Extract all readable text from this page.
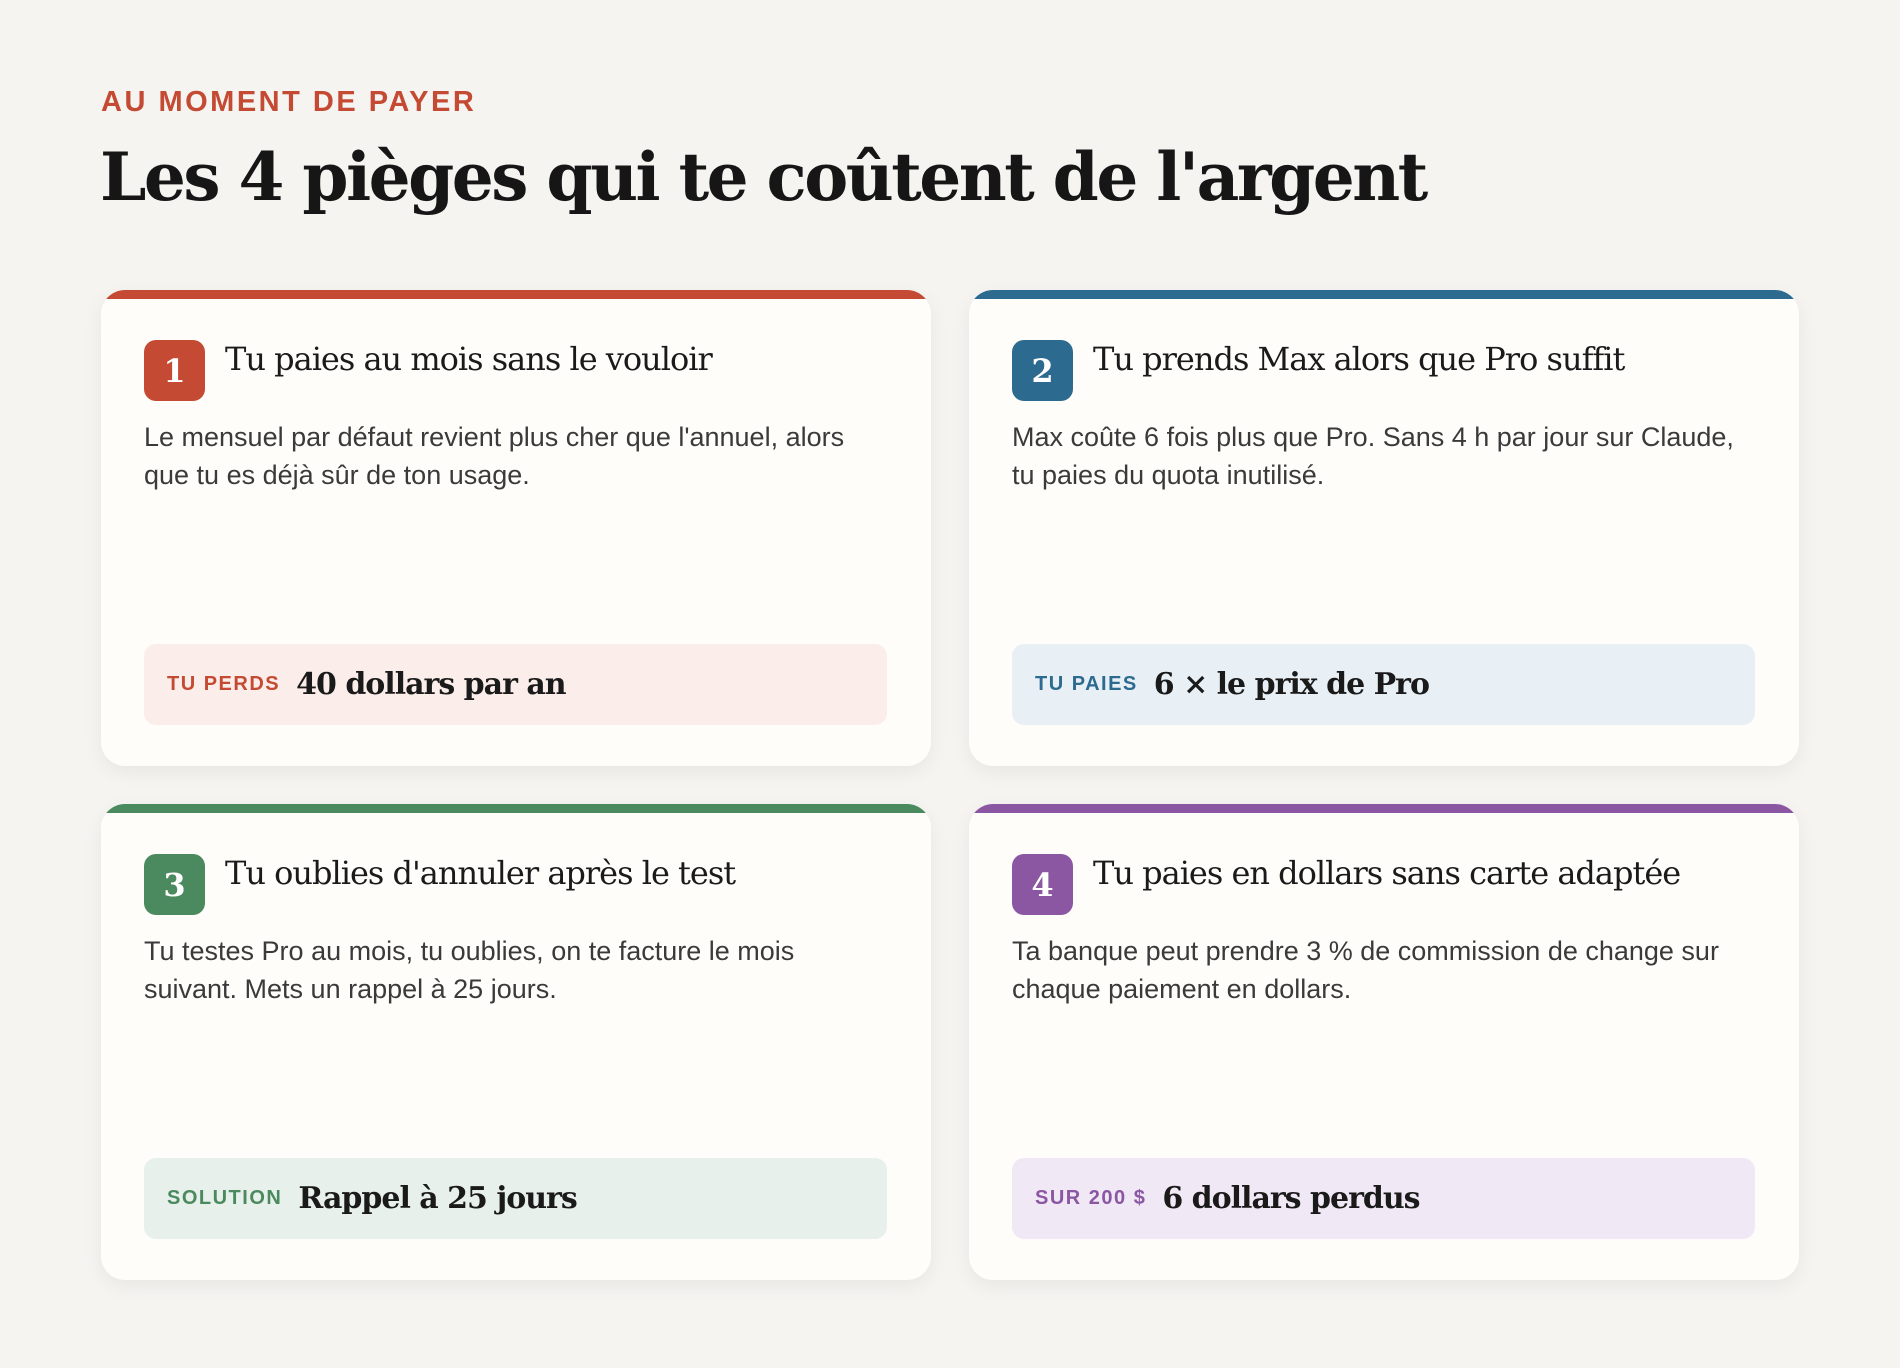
AU MOMENT DE PAYER
Les 4 pièges qui te coûtent de l'argent
1	Tu paies au mois sans le vouloir
Le mensuel par défaut revient plus cher que l'annuel, alors que tu es déjà sûr de ton usage.
TU PERDS 40 dollars par an
2	Tu prends Max alors que Pro suffit
Max coûte 6 fois plus que Pro. Sans 4 h par jour sur Claude, tu paies du quota inutilisé.
TU PAIES 6 × le prix de Pro
3	Tu oublies d'annuler après le test
Tu testes Pro au mois, tu oublies, on te facture le mois suivant. Mets un rappel à 25 jours.
SOLUTION Rappel à 25 jours
4	Tu paies en dollars sans carte adaptée
Ta banque peut prendre 3 % de commission de change sur chaque paiement en dollars.
SUR 200 $ 6 dollars perdus
